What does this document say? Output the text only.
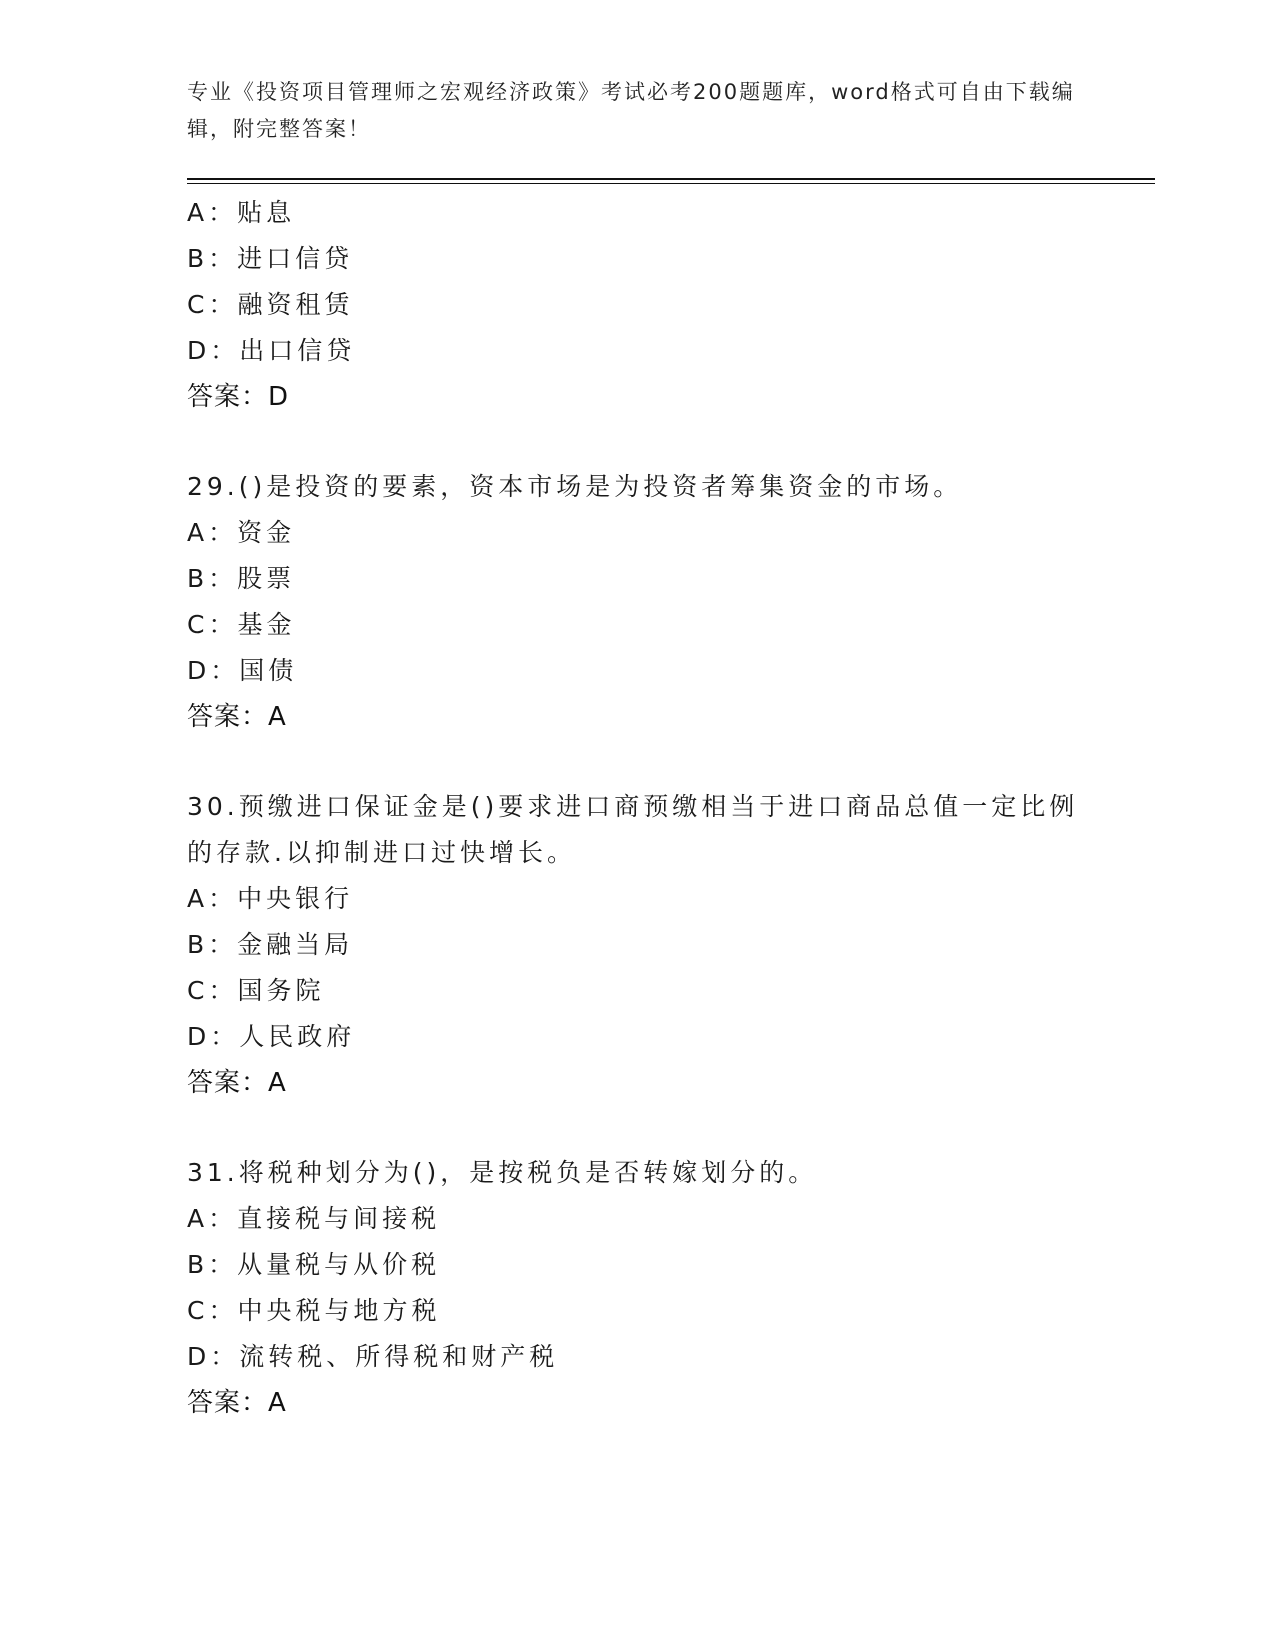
专业《投资项目管理师之宏观经济政策》考试必考200题题库，word格式可自由下载编辑，附完整答案！
A：贴息
B：进口信贷
C：融资租赁
D：出口信贷
答案：D
29.()是投资的要素，资本市场是为投资者筹集资金的市场。
A：资金
B：股票
C：基金
D：国债
答案：A
30.预缴进口保证金是()要求进口商预缴相当于进口商品总值一定比例的存款.以抑制进口过快增长。
A：中央银行
B：金融当局
C：国务院
D：人民政府
答案：A
31.将税种划分为()，是按税负是否转嫁划分的。
A：直接税与间接税
B：从量税与从价税
C：中央税与地方税
D：流转税、所得税和财产税
答案：A
